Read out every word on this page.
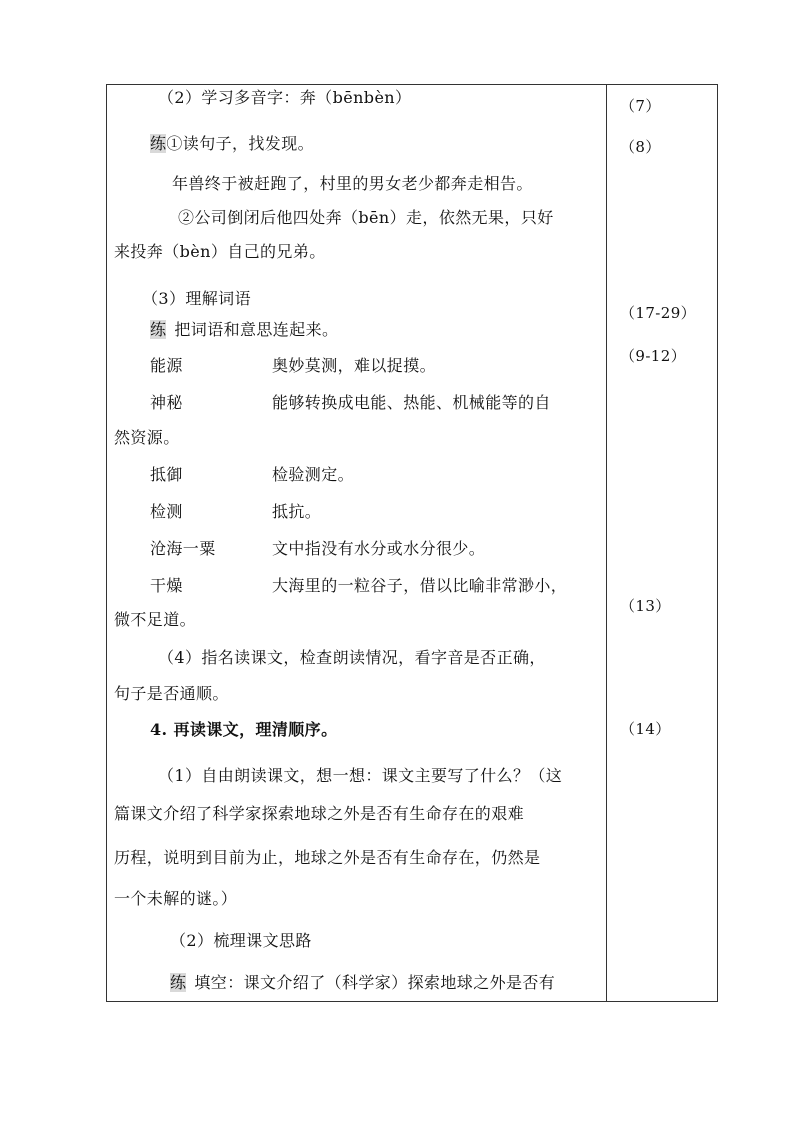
（2）学习多音字：奔（bēnbèn）
练①读句子，找发现。
年兽终于被赶跑了，村里的男女老少都奔走相告。
②公司倒闭后他四处奔（bēn）走，依然无果，只好
来投奔（bèn）自己的兄弟。
（3）理解词语
练 把词语和意思连起来。
能源	奥妙莫测，难以捉摸。
神秘	能够转换成电能、热能、机械能等的自
然资源。
抵御	检验测定。
检测	抵抗。
沧海一粟	文中指没有水分或水分很少。
干燥	大海里的一粒谷子，借以比喻非常渺小，
微不足道。
（4）指名读课文，检查朗读情况，看字音是否正确，
句子是否通顺。
4. 再读课文，理清顺序。
（1）自由朗读课文，想一想：课文主要写了什么？（这
篇课文介绍了科学家探索地球之外是否有生命存在的艰难
历程，说明到目前为止，地球之外是否有生命存在，仍然是
一个未解的谜。）
（2）梳理课文思路
练 填空：课文介绍了（科学家）探索地球之外是否有
（7）
（8）
（17-29）
（9-12）
（13）
（14）
